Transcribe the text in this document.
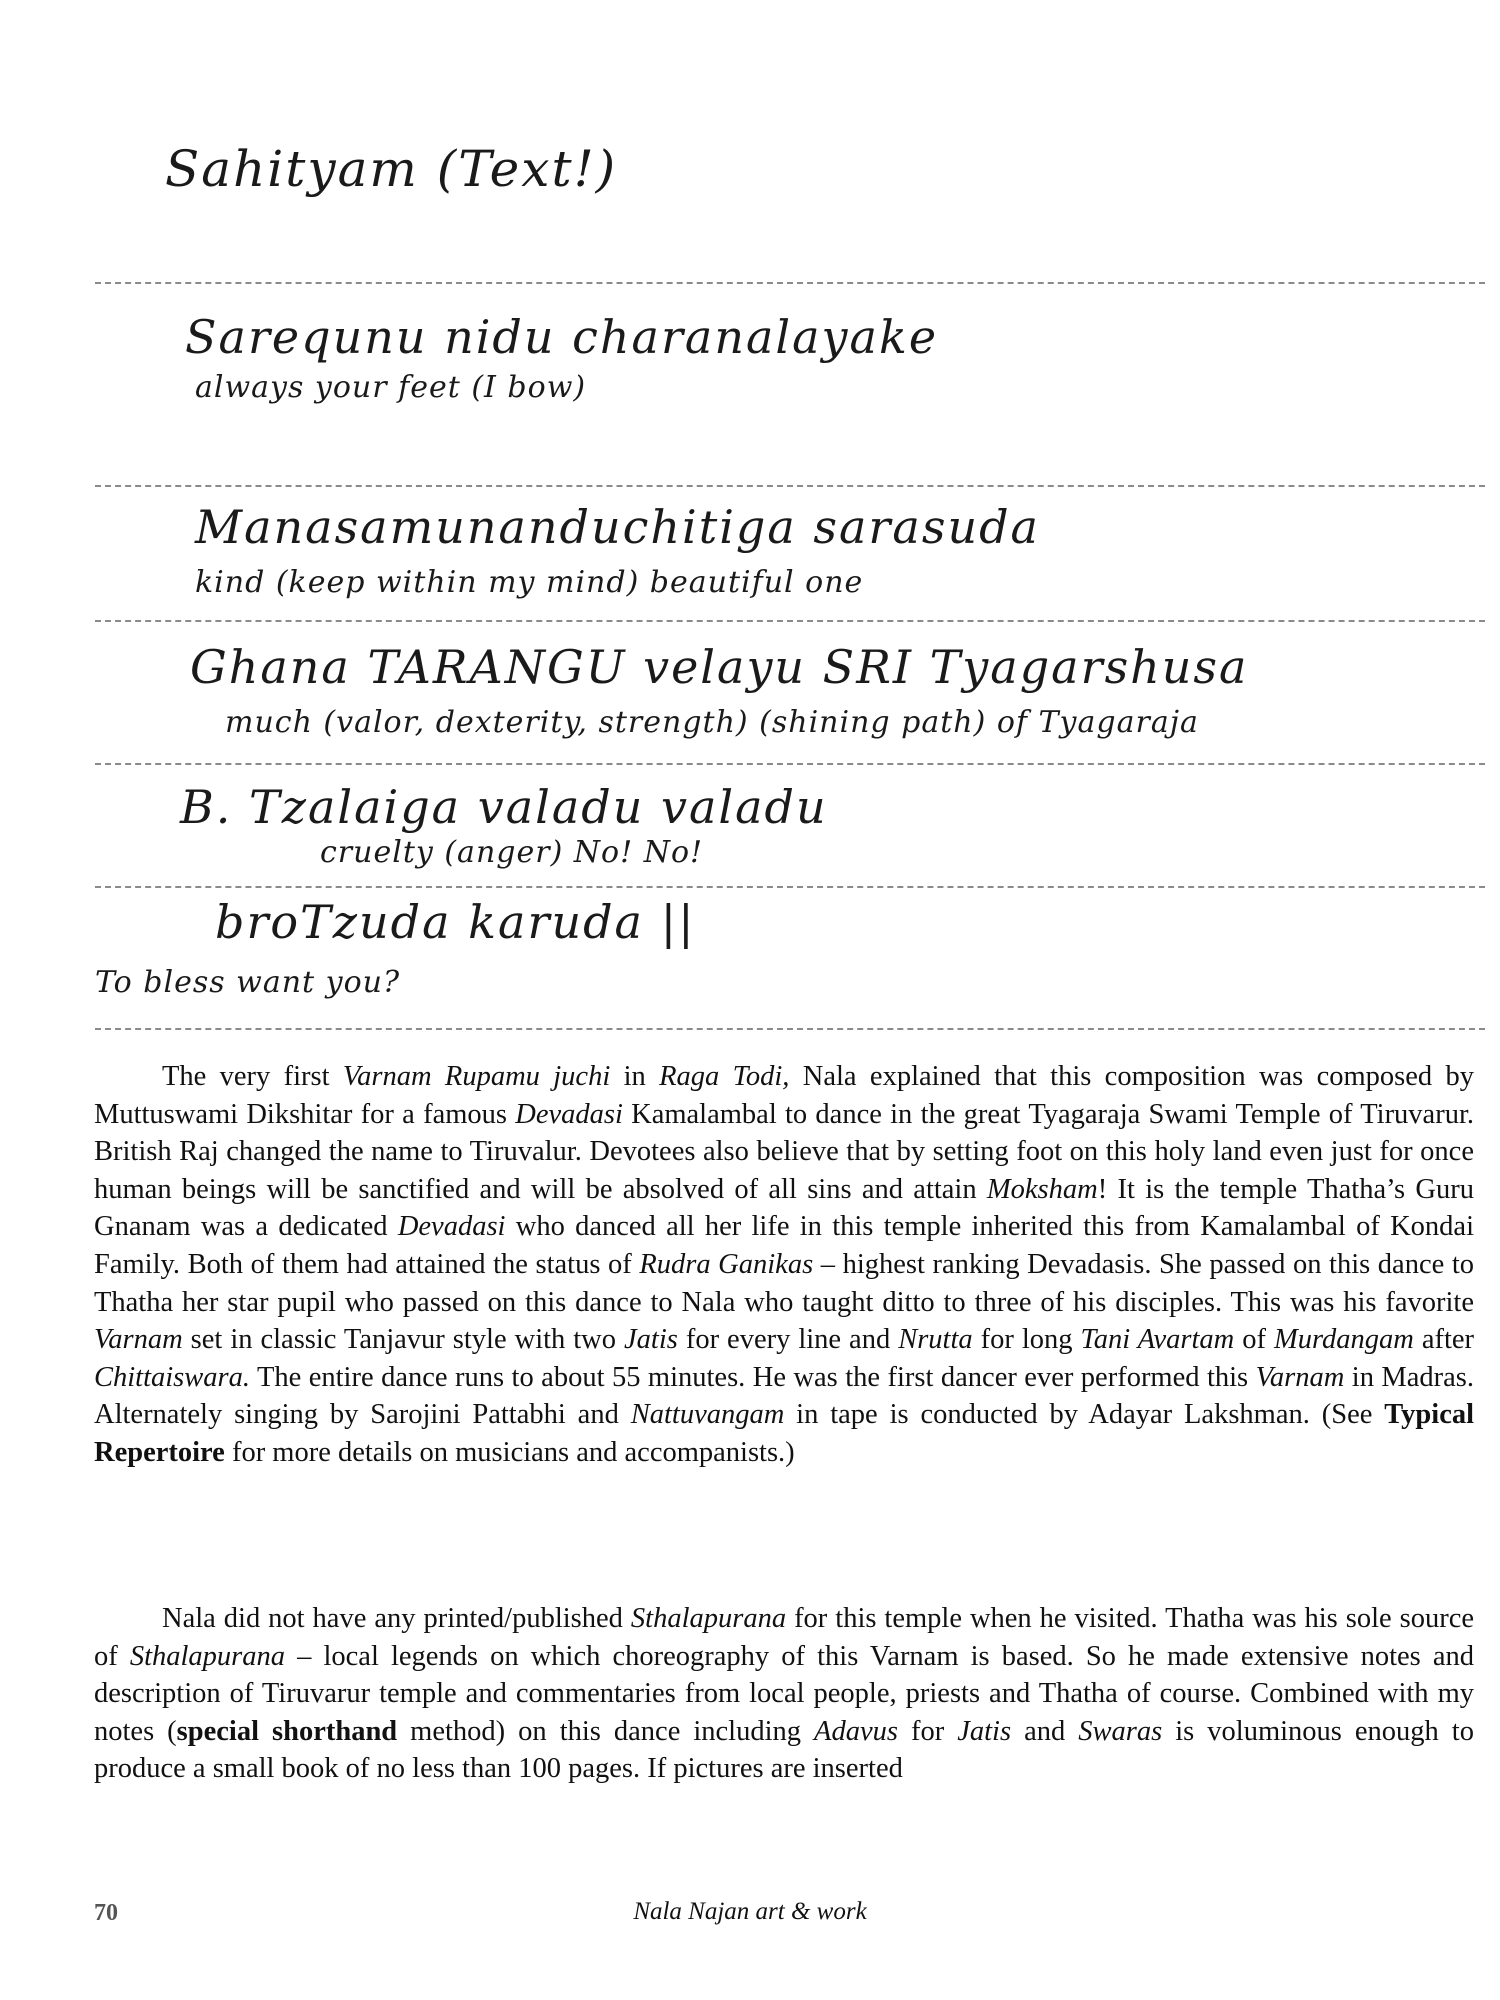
Sahityam (Text!)
Sarequnu nidu charanalayake
always your feet (I bow)
Manasamunanduchitiga sarasuda
kind (keep within my mind) beautiful one
Ghana TARANGU velayu SRI Tyagarshusa
much (valor, dexterity, strength) (shining path) of Tyagaraja
B. Tzalaiga valadu valadu
cruelty (anger) No! No!
broTzuda karuda ||
To bless want you?

The very first Varnam Rupamu juchi in Raga Todi, Nala explained that this composition was composed by Muttuswami Dikshitar for a famous Devadasi Kamalambal to dance in the great Tyagaraja Swami Temple of Tiruvarur. British Raj changed the name to Tiruvalur. Devotees also believe that by setting foot on this holy land even just for once human beings will be sanctified and will be absolved of all sins and attain Moksham! It is the temple Thatha’s Guru Gnanam was a dedicated Devadasi who danced all her life in this temple inherited this from Kamalambal of Kondai Family. Both of them had attained the status of Rudra Ganikas – highest ranking Devadasis. She passed on this dance to Thatha her star pupil who passed on this dance to Nala who taught ditto to three of his disciples. This was his favorite Varnam set in classic Tanjavur style with two Jatis for every line and Nrutta for long Tani Avartam of Murdangam after Chittaiswara. The entire dance runs to about 55 minutes. He was the first dancer ever performed this Varnam in Madras. Alternately singing by Sarojini Pattabhi and Nattuvangam in tape is conducted by Adayar Lakshman. (See Typical Repertoire for more details on musicians and accompanists.)

Nala did not have any printed/published Sthalapurana for this temple when he visited. Thatha was his sole source of Sthalapurana – local legends on which choreography of this Varnam is based. So he made extensive notes and description of Tiruvarur temple and commentaries from local people, priests and Thatha of course. Combined with my notes (special shorthand method) on this dance including Adavus for Jatis and Swaras is voluminous enough to produce a small book of no less than 100 pages. If pictures are inserted

70	Nala Najan art & work
